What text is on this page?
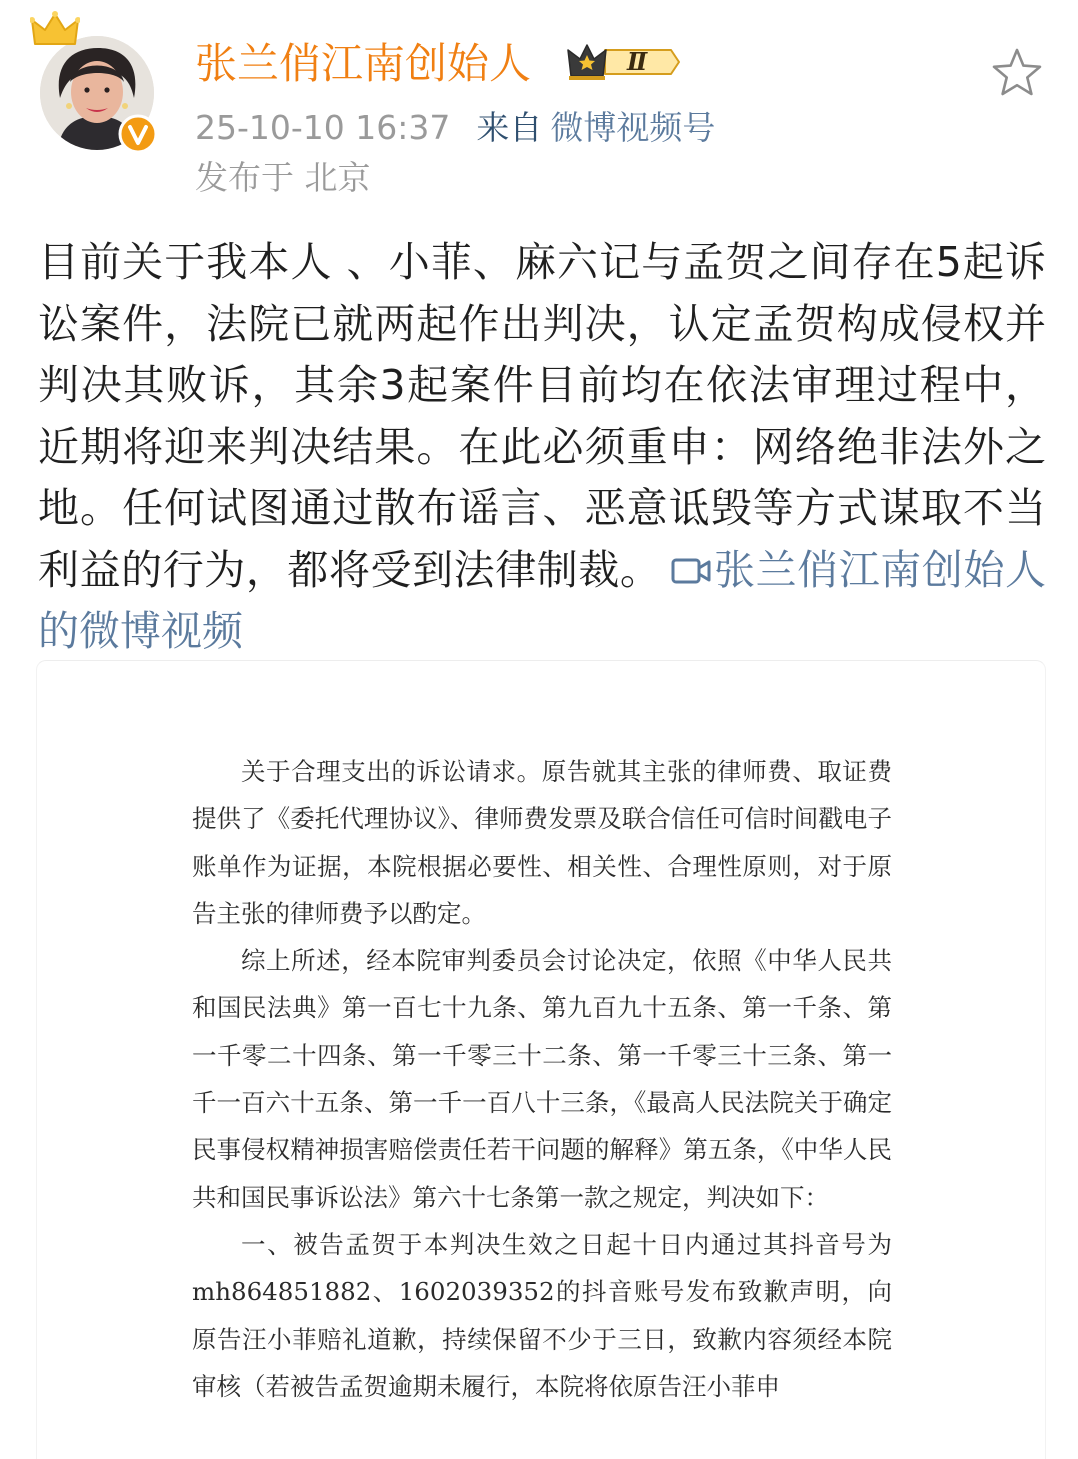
张兰俏江南创始人	Ⅱ
25-10-10 16:37 来自 微博视频号
发布于 北京

目前关于我本人 、小菲、麻六记与孟贺之间存在5起诉讼案件，法院已就两起作出判决，认定孟贺构成侵权并判决其败诉，其余3起案件目前均在依法审理过程中，近期将迎来判决结果。在此必须重申：网络绝非法外之地。任何试图通过散布谣言、恶意诋毁等方式谋取不当利益的行为，都将受到法律制裁。 张兰俏江南创始人的微博视频

关于合理支出的诉讼请求。原告就其主张的律师费、取证费提供了《委托代理协议》、律师费发票及联合信任可信时间戳电子账单作为证据，本院根据必要性、相关性、合理性原则，对于原告主张的律师费予以酌定。

综上所述，经本院审判委员会讨论决定，依照《中华人民共和国民法典》第一百七十九条、第九百九十五条、第一千条、第一千零二十四条、第一千零三十二条、第一千零三十三条、第一千一百六十五条、第一千一百八十三条，《最高人民法院关于确定民事侵权精神损害赔偿责任若干问题的解释》第五条，《中华人民共和国民事诉讼法》第六十七条第一款之规定，判决如下：

一、被告孟贺于本判决生效之日起十日内通过其抖音号为mh864851882、1602039352的抖音账号发布致歉声明，向原告汪小菲赔礼道歉，持续保留不少于三日，致歉内容须经本院审核（若被告孟贺逾期未履行，本院将依原告汪小菲申
